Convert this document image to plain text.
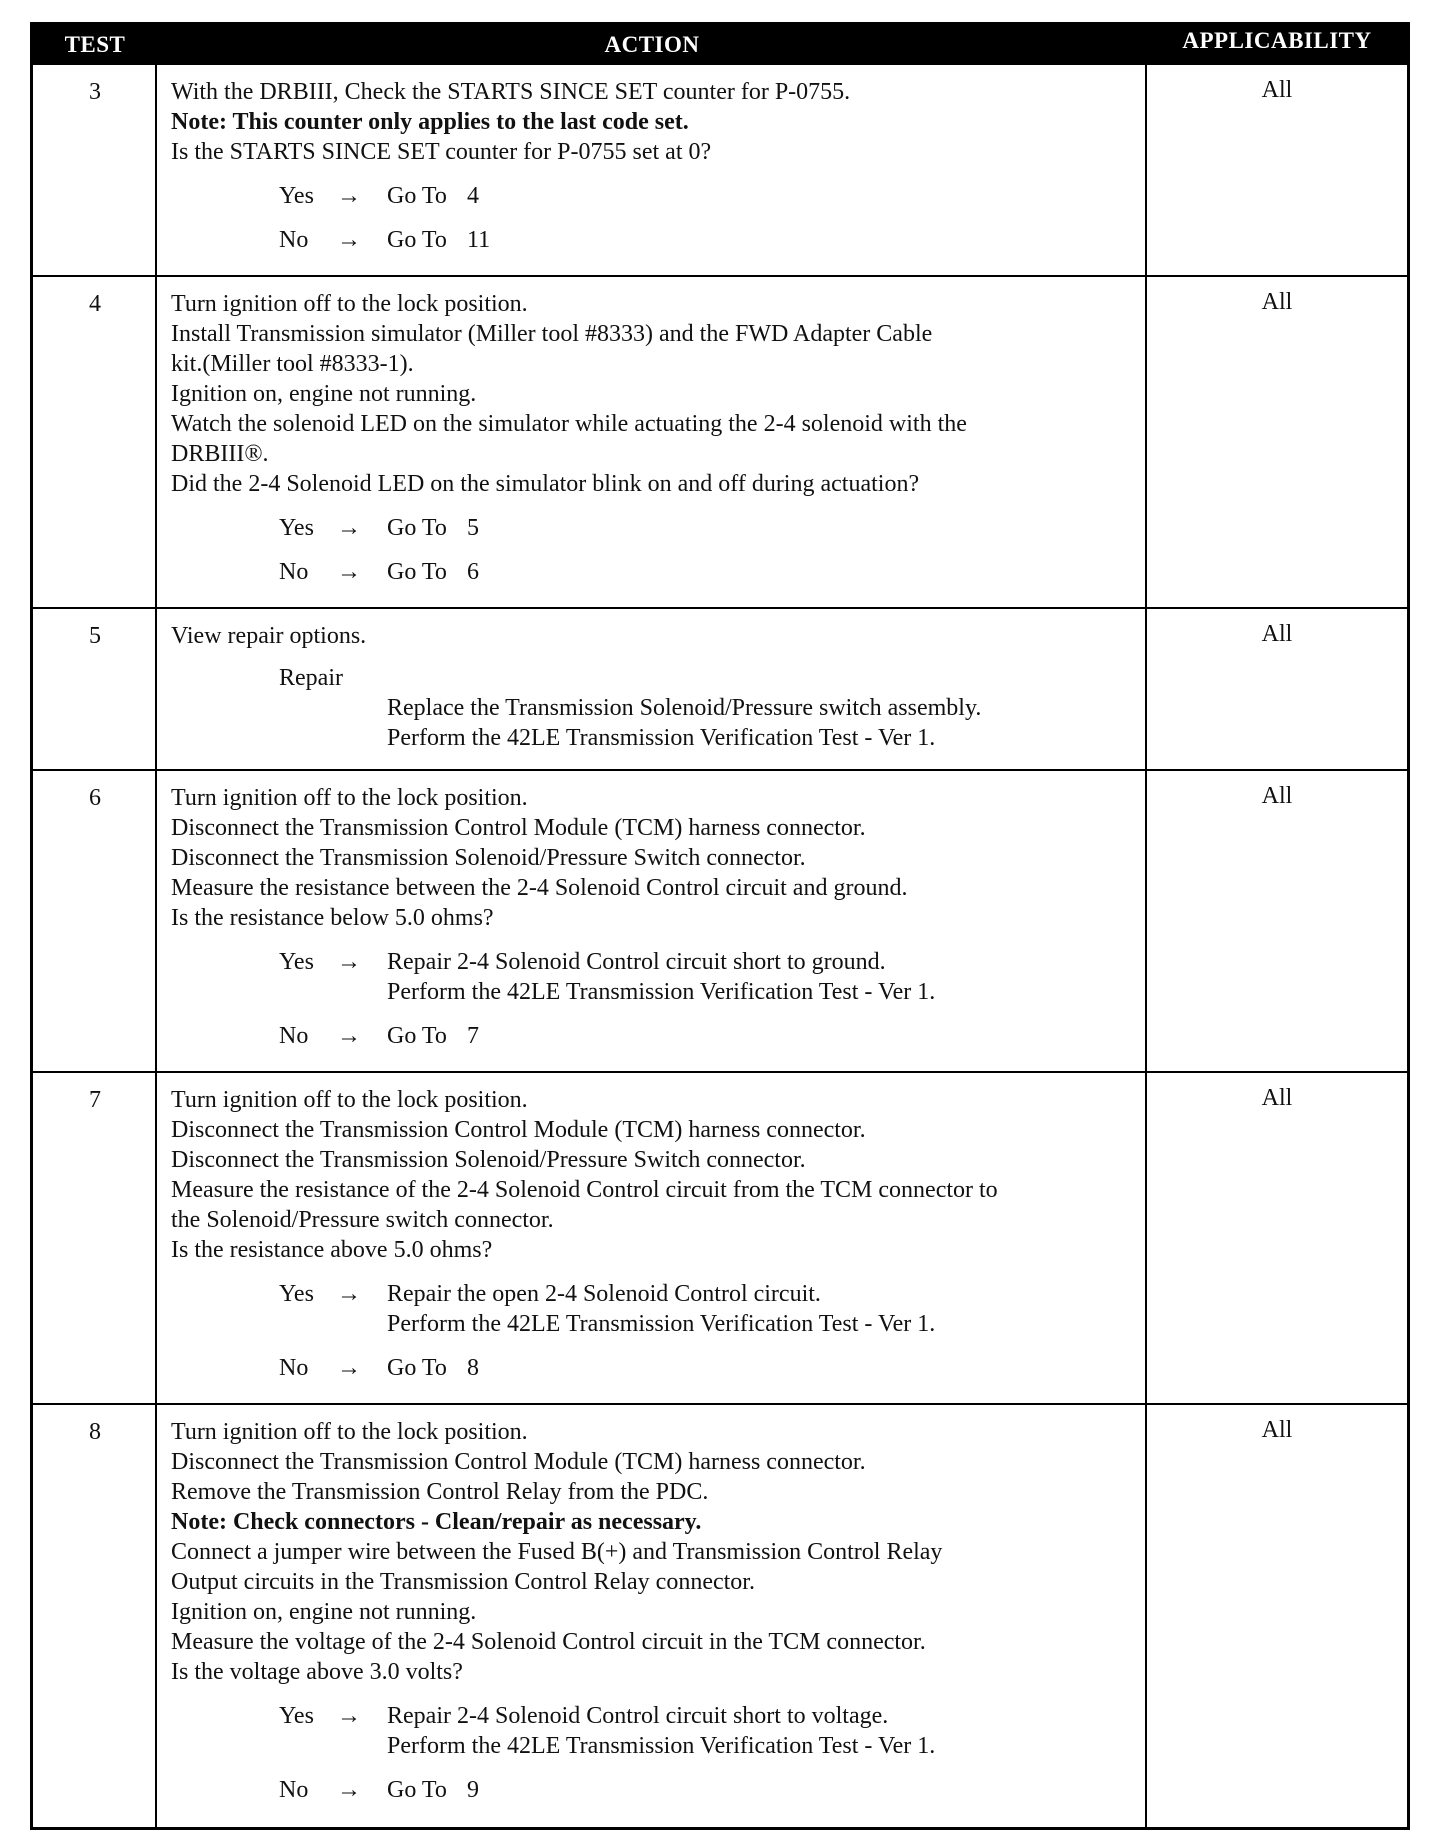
TEST	ACTION	APPLICABILITY
3	With the DRBIII, Check the STARTS SINCE SET counter for P-0755.

Note: This counter only applies to the last code set.

Is the STARTS SINCE SET counter for P-0755 set at 0?

Yes →	Go To 4
No	→	Go To 11
All
4	Turn ignition off to the lock position.

Install Transmission simulator (Miller tool #8333) and the FWD Adapter Cable

kit.(Miller tool #8333-1).

Ignition on, engine not running.

Watch the solenoid LED on the simulator while actuating the 2-4 solenoid with the

DRBIII®.

Did the 2-4 Solenoid LED on the simulator blink on and off during actuation?

Yes →	Go To 5
No	→	Go To 6
All
5	View repair options.

Repair

Replace the Transmission Solenoid/Pressure switch assembly.

Perform the 42LE Transmission Verification Test - Ver 1.

All
6	Turn ignition off to the lock position.

Disconnect the Transmission Control Module (TCM) harness connector.

Disconnect the Transmission Solenoid/Pressure Switch connector.

Measure the resistance between the 2-4 Solenoid Control circuit and ground.

Is the resistance below 5.0 ohms?

Yes →	Repair 2-4 Solenoid Control circuit short to ground.

Perform the 42LE Transmission Verification Test - Ver 1.

No	→	Go To 7
All
7	Turn ignition off to the lock position.

Disconnect the Transmission Control Module (TCM) harness connector.

Disconnect the Transmission Solenoid/Pressure Switch connector.

Measure the resistance of the 2-4 Solenoid Control circuit from the TCM connector to

the Solenoid/Pressure switch connector.

Is the resistance above 5.0 ohms?

Yes →	Repair the open 2-4 Solenoid Control circuit.

Perform the 42LE Transmission Verification Test - Ver 1.

No	→	Go To 8
All
8	Turn ignition off to the lock position.

Disconnect the Transmission Control Module (TCM) harness connector.

Remove the Transmission Control Relay from the PDC.

Note: Check connectors - Clean/repair as necessary.

Connect a jumper wire between the Fused B(+) and Transmission Control Relay

Output circuits in the Transmission Control Relay connector.

Ignition on, engine not running.

Measure the voltage of the 2-4 Solenoid Control circuit in the TCM connector.

Is the voltage above 3.0 volts?

Yes →	Repair 2-4 Solenoid Control circuit short to voltage.

Perform the 42LE Transmission Verification Test - Ver 1.

No	→	Go To 9
All
